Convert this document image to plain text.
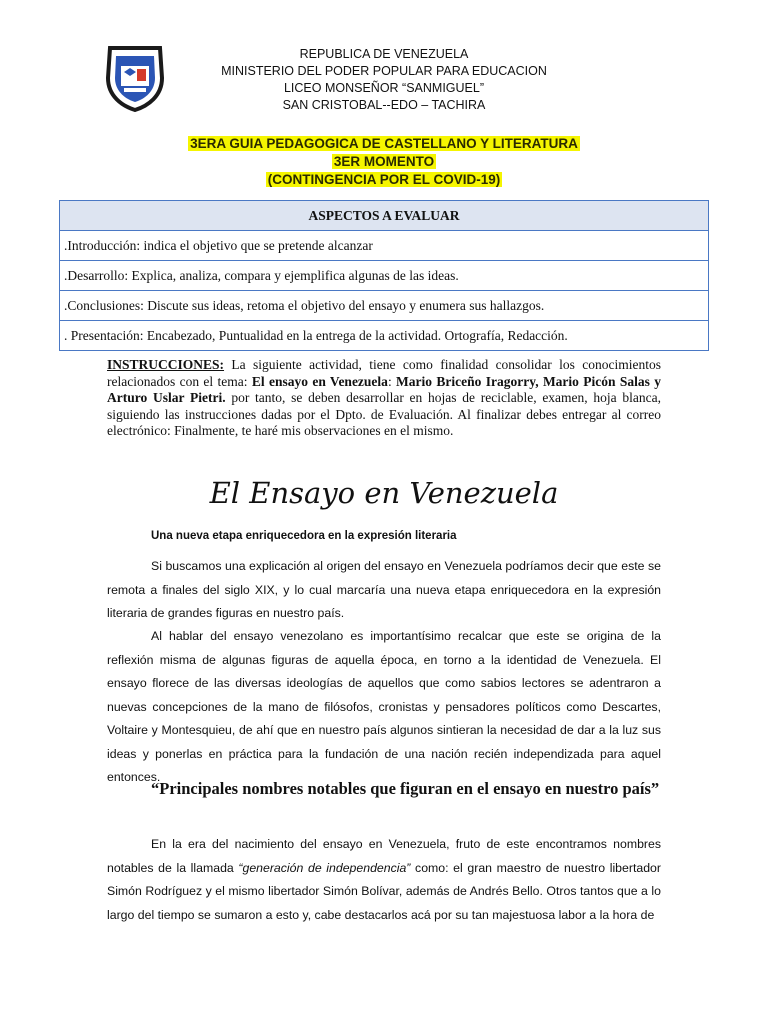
REPUBLICA DE VENEZUELA
MINISTERIO DEL PODER POPULAR PARA EDUCACION
LICEO MONSEÑOR “SANMIGUEL”
SAN CRISTOBAL--EDO – TACHIRA
3ERA GUIA PEDAGOGICA DE CASTELLANO Y LITERATURA
3ER MOMENTO
(CONTINGENCIA POR EL COVID-19)
ASPECTOS A EVALUAR
.Introducción: indica el objetivo que se pretende alcanzar
.Desarrollo: Explica, analiza, compara y ejemplifica algunas de las ideas.
.Conclusiones: Discute sus ideas, retoma el objetivo del ensayo y enumera sus hallazgos.
. Presentación: Encabezado, Puntualidad en la entrega de la actividad. Ortografía, Redacción.
INSTRUCCIONES: La siguiente actividad, tiene como finalidad consolidar los conocimientos relacionados con el tema: El ensayo en Venezuela: Mario Briceño Iragorry, Mario Picón Salas y Arturo Uslar Pietri. por tanto, se deben desarrollar en hojas de reciclable, examen, hoja blanca, siguiendo las instrucciones dadas por el Dpto. de Evaluación. Al finalizar debes entregar al correo electrónico: Finalmente, te haré mis observaciones en el mismo.
El Ensayo en Venezuela
Una nueva etapa enriquecedora en la expresión literaria
Si buscamos una explicación al origen del ensayo en Venezuela podríamos decir que este se remota a finales del siglo XIX, y lo cual marcaría una nueva etapa enriquecedora en la expresión literaria de grandes figuras en nuestro país.
Al hablar del ensayo venezolano es importantísimo recalcar que este se origina de la reflexión misma de algunas figuras de aquella época, en torno a la identidad de Venezuela. El ensayo florece de las diversas ideologías de aquellos que como sabios lectores se adentraron a nuevas concepciones de la mano de filósofos, cronistas y pensadores políticos como Descartes, Voltaire y Montesquieu, de ahí que en nuestro país algunos sintieran la necesidad de dar a la luz sus ideas y ponerlas en práctica para la fundación de una nación recién independizada para aquel entonces.
“Principales nombres notables que figuran en el ensayo en nuestro país”
En la era del nacimiento del ensayo en Venezuela, fruto de este encontramos nombres notables de la llamada “generación de independencia” como: el gran maestro de nuestro libertador Simón Rodríguez y el mismo libertador Simón Bolívar, además de Andrés Bello. Otros tantos que a lo largo del tiempo se sumaron a esto y, cabe destacarlos acá por su tan majestuosa labor a la hora de
